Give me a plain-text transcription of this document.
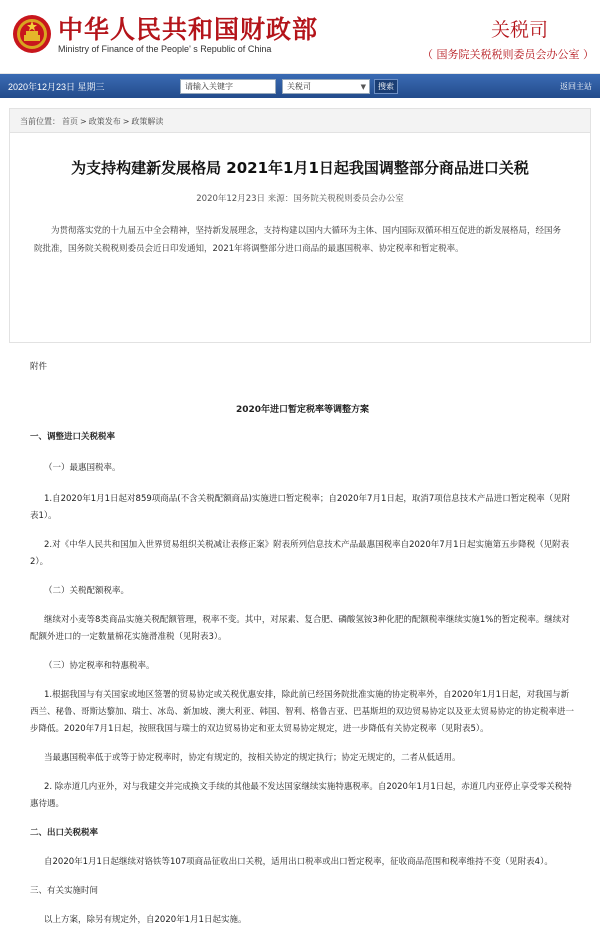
中华人民共和国财政部
Ministry of Finance of the People' s Republic of China
关税司
（ 国务院关税税则委员会办公室 ）
2020年12月23日 星期三	请输入关键字	关税司	▼	搜索	返回主站
当前位置： 首页 > 政策发布 > 政策解读
为支持构建新发展格局 2021年1月1日起我国调整部分商品进口关税
2020年12月23日 来源：国务院关税税则委员会办公室
为贯彻落实党的十九届五中全会精神，坚持新发展理念，支持构建以国内大循环为主体、国内国际双循环相互促进的新发展格局，经国务院批准，国务院关税税则委员会近日印发通知，2021年将调整部分进口商品的最惠国税率、协定税率和暂定税率。
附件
2020年进口暂定税率等调整方案
一、调整进口关税税率
（一）最惠国税率。
1.自2020年1月1日起对859项商品(不含关税配额商品)实施进口暂定税率；自2020年7月1日起，取消7项信息技术产品进口暂定税率（见附表1）。
2.对《中华人民共和国加入世界贸易组织关税减让表修正案》附表所列信息技术产品最惠国税率自2020年7月1日起实施第五步降税（见附表2）。
（二）关税配额税率。
继续对小麦等8类商品实施关税配额管理，税率不变。其中，对尿素、复合肥、磷酸氢铵3种化肥的配额税率继续实施1%的暂定税率。继续对配额外进口的一定数量棉花实施滑准税（见附表3）。
（三）协定税率和特惠税率。
1.根据我国与有关国家或地区签署的贸易协定或关税优惠安排，除此前已经国务院批准实施的协定税率外，自2020年1月1日起，对我国与新西兰、秘鲁、哥斯达黎加、瑞士、冰岛、新加坡、澳大利亚、韩国、智利、格鲁吉亚、巴基斯坦的双边贸易协定以及亚太贸易协定的协定税率进一步降低。2020年7月1日起，按照我国与瑞士的双边贸易协定和亚太贸易协定规定，进一步降低有关协定税率（见附表5）。
当最惠国税率低于或等于协定税率时，协定有规定的，按相关协定的规定执行；协定无规定的，二者从低适用。
2. 除赤道几内亚外，对与我建交并完成换文手续的其他最不发达国家继续实施特惠税率。自2020年1月1日起，赤道几内亚停止享受零关税特惠待遇。
二、出口关税税率
自2020年1月1日起继续对铬铁等107项商品征收出口关税，适用出口税率或出口暂定税率，征收商品范围和税率维持不变（见附表4）。
三、有关实施时间
以上方案，除另有规定外，自2020年1月1日起实施。
